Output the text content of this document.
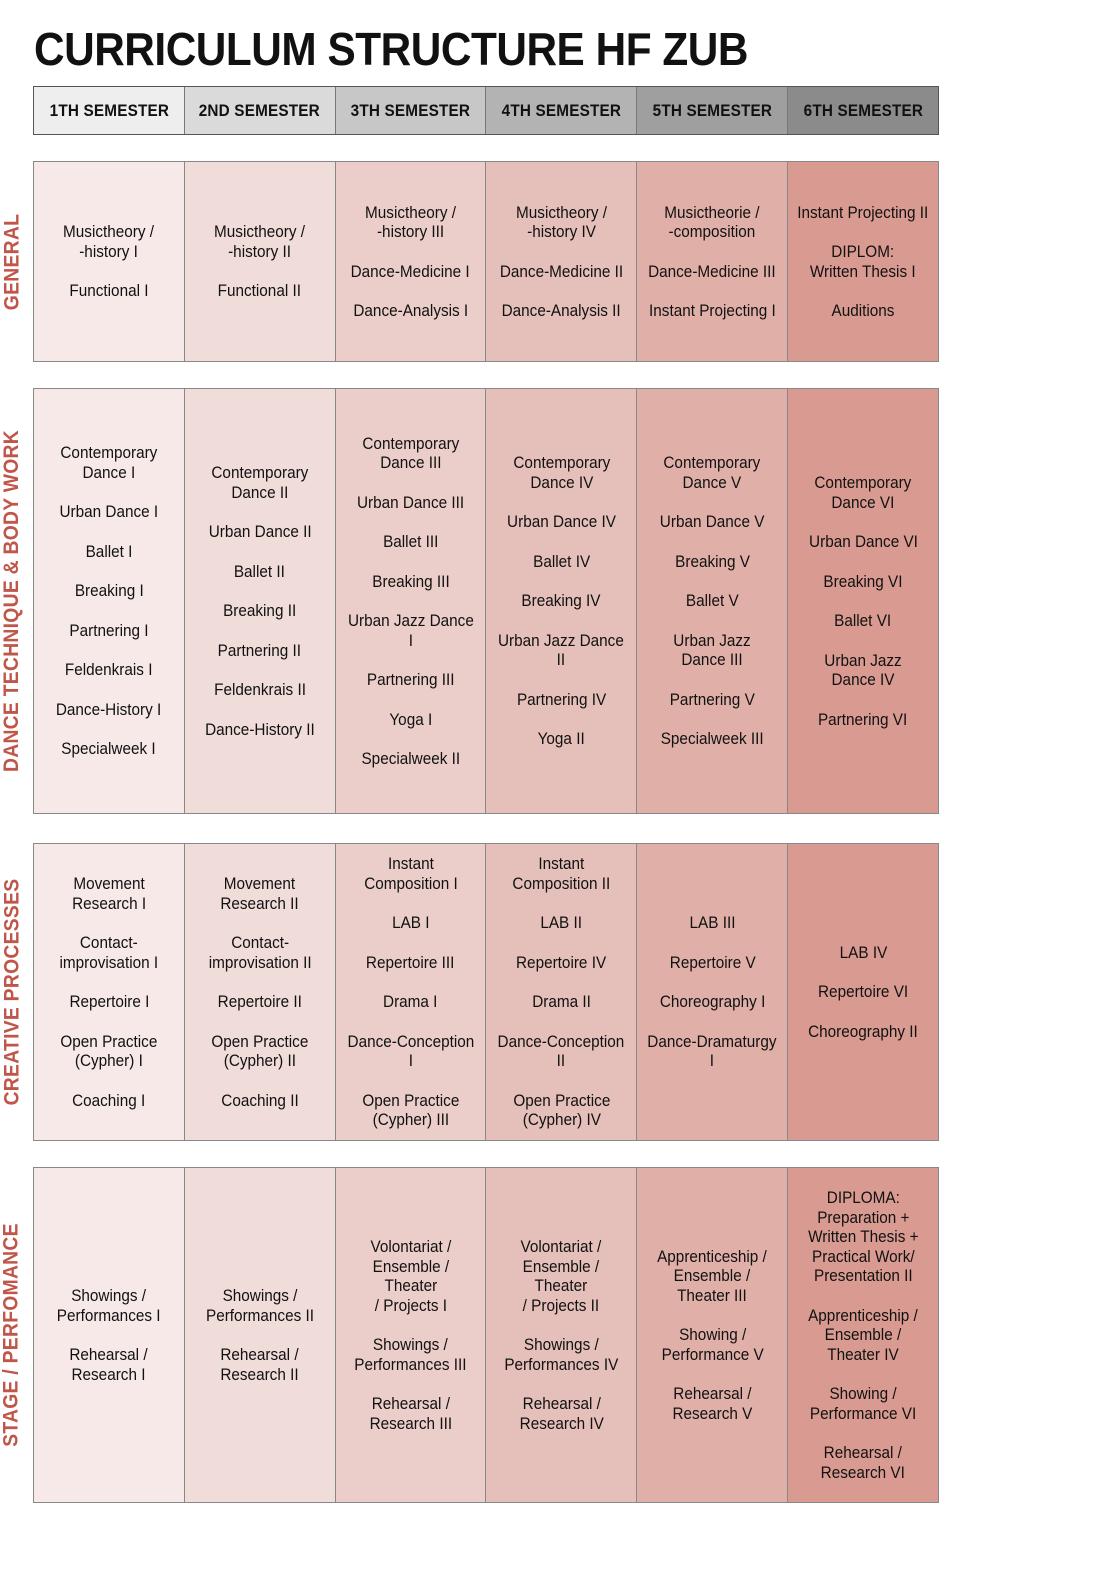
CURRICULUM STRUCTURE HF ZUB
1TH SEMESTER 2ND SEMESTER 3TH SEMESTER 4TH SEMESTER 5TH SEMESTER 6TH SEMESTER
GENERAL Musictheory /
-history I
Functional I
Musictheory /
-history II
Functional II
Musictheory /
-history III
Dance-Medicine I
Dance-Analysis I
Musictheory /
-history IV
Dance-Medicine II
Dance-Analysis II
Musictheorie /
-composition
Dance-Medicine III
Instant Projecting I
Instant Projecting II
DIPLOM:
Written Thesis I
Auditions
DANCE TECHNIQUE & BODY WORK Contemporary
Dance I
Urban Dance I
Ballet I
Breaking I
Partnering I
Feldenkrais I
Dance-History I
Specialweek I
Contemporary
Dance II
Urban Dance II
Ballet II
Breaking II
Partnering II
Feldenkrais II
Dance-History II
Contemporary
Dance III
Urban Dance III
Ballet III
Breaking III
Urban Jazz Dance I
Partnering III
Yoga I
Specialweek II
Contemporary
Dance IV
Urban Dance IV
Ballet IV
Breaking IV
Urban Jazz Dance II
Partnering IV
Yoga II
Contemporary
Dance V
Urban Dance V
Breaking V
Ballet V
Urban Jazz
Dance III
Partnering V
Specialweek III
Contemporary
Dance VI
Urban Dance VI
Breaking VI
Ballet VI
Urban Jazz
Dance IV
Partnering VI
CREATIVE PROCESSES	Movement
Research I
Contact-
improvisation I
Repertoire I
Open Practice
(Cypher) I
Coaching I
Movement
Research II
Contact-
improvisation II
Repertoire II
Open Practice
(Cypher) II
Coaching II
Instant
Composition I
LAB I
Repertoire III
Drama I
Dance-Conception I
Open Practice
(Cypher) III
Instant
Composition II
LAB II
Repertoire IV
Drama II
Dance-Conception II
Open Practice
(Cypher) IV
LAB III
Repertoire V
Choreography I
Dance-Dramaturgy I
LAB IV
Repertoire VI
Choreography II
STAGE / PERFOMANCE	Showings /
Performances I
Rehearsal /
Research I
Showings /
Performances II
Rehearsal /
Research II
Volontariat /
Ensemble / Theater
/ Projects I
Showings /
Performances III
Rehearsal /
Research III
Volontariat /
Ensemble / Theater
/ Projects II
Showings /
Performances IV
Rehearsal /
Research IV
Apprenticeship /
Ensemble /
Theater III
Showing /
Performance V
Rehearsal /
Research V
DIPLOMA:
Preparation +
Written Thesis +
Practical Work/
Presentation II
Apprenticeship /
Ensemble /
Theater IV
Showing /
Performance VI
Rehearsal /
Research VI
